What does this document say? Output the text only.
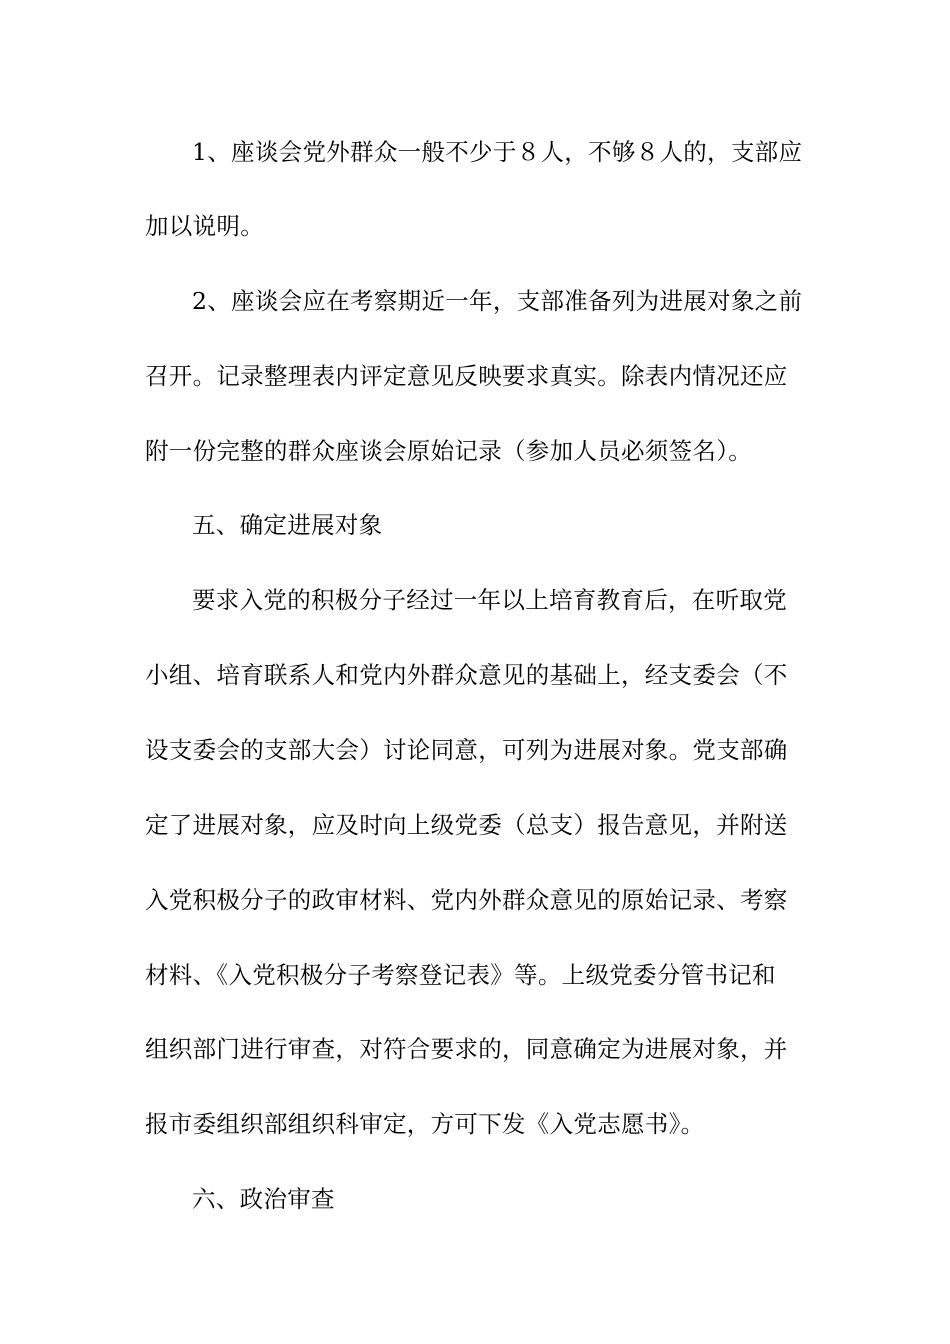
1、座谈会党外群众一般不少于８人，不够８人的，支部应
加以说明。
2、座谈会应在考察期近一年，支部准备列为进展对象之前
召开。记录整理表内评定意见反映要求真实。除表内情况还应
附一份完整的群众座谈会原始记录（参加人员必须签名）。
五、确定进展对象
要求入党的积极分子经过一年以上培育教育后，在听取党
小组、培育联系人和党内外群众意见的基础上，经支委会（不
设支委会的支部大会）讨论同意，可列为进展对象。党支部确
定了进展对象，应及时向上级党委（总支）报告意见，并附送
入党积极分子的政审材料、党内外群众意见的原始记录、考察
材料、《入党积极分子考察登记表》等。上级党委分管书记和
组织部门进行审查，对符合要求的，同意确定为进展对象，并
报市委组织部组织科审定，方可下发《入党志愿书》。
六、政治审查
